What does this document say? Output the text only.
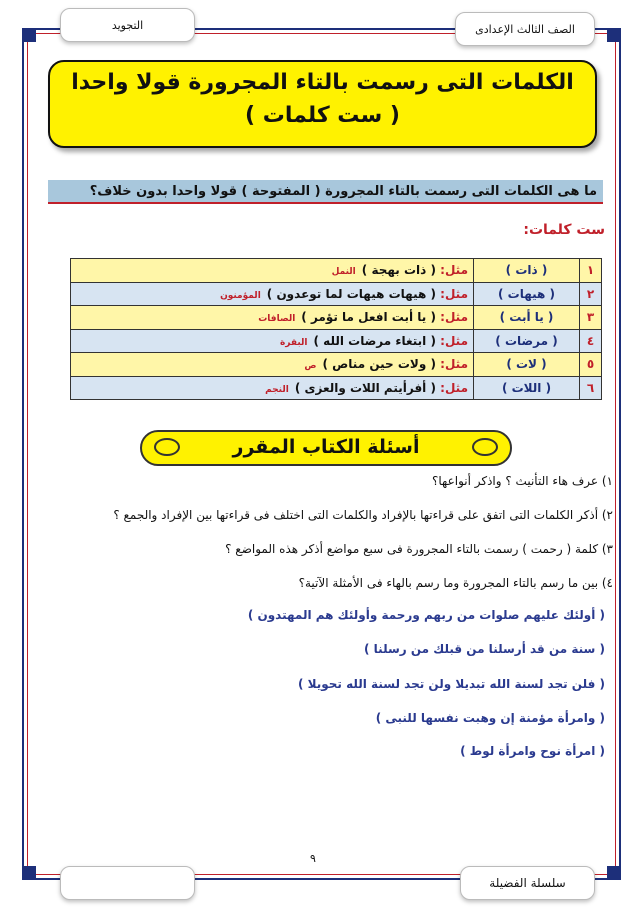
الصف الثالث الإعدادى
التجويد
الكلمات التى رسمت بالتاء المجرورة قولا واحدا
( ست كلمات )
ما هى الكلمات التى رسمت بالتاء المجرورة ( المفتوحة ) قولا واحدا بدون خلاف؟
ست كلمات:
١	( ذات )	مثل: ( ذات بهجة )النمل
٢	( هيهات )	مثل: ( هيهات هيهات لما توعدون )المؤمنون
٣	( يا أبت )	مثل: ( يا أبت افعل ما تؤمر )الصافات
٤	( مرضات )	مثل: ( ابتغاء مرضات الله )البقرة
٥	( لات )	مثل: ( ولات حين مناص )ص
٦	( اللات )	مثل: ( أفرأيتم اللات والعزى )النجم
أسئلة الكتاب المقرر
١) عرف هاء التأنيث ؟ واذكر أنواعها؟
٢) أذكر الكلمات التى اتفق على قراءتها بالإفراد والكلمات التى اختلف فى قراءتها بين الإفراد والجمع ؟
٣) كلمة ( رحمت ) رسمت بالتاء المجرورة فى سبع مواضع أذكر هذه المواضع ؟
٤) بين ما رسم بالتاء المجرورة وما رسم بالهاء فى الأمثلة الآتية؟
( أولئك عليهم صلوات من ربهم ورحمة وأولئك هم المهتدون )
( سنة من قد أرسلنا من قبلك من رسلنا )
( فلن تجد لسنة الله تبديلا ولن تجد لسنة الله تحويلا )
( وامرأة مؤمنة إن وهبت نفسها للنبى )
( امرأة نوح وامرأة لوط )
٩
سلسلة الفضيلة
